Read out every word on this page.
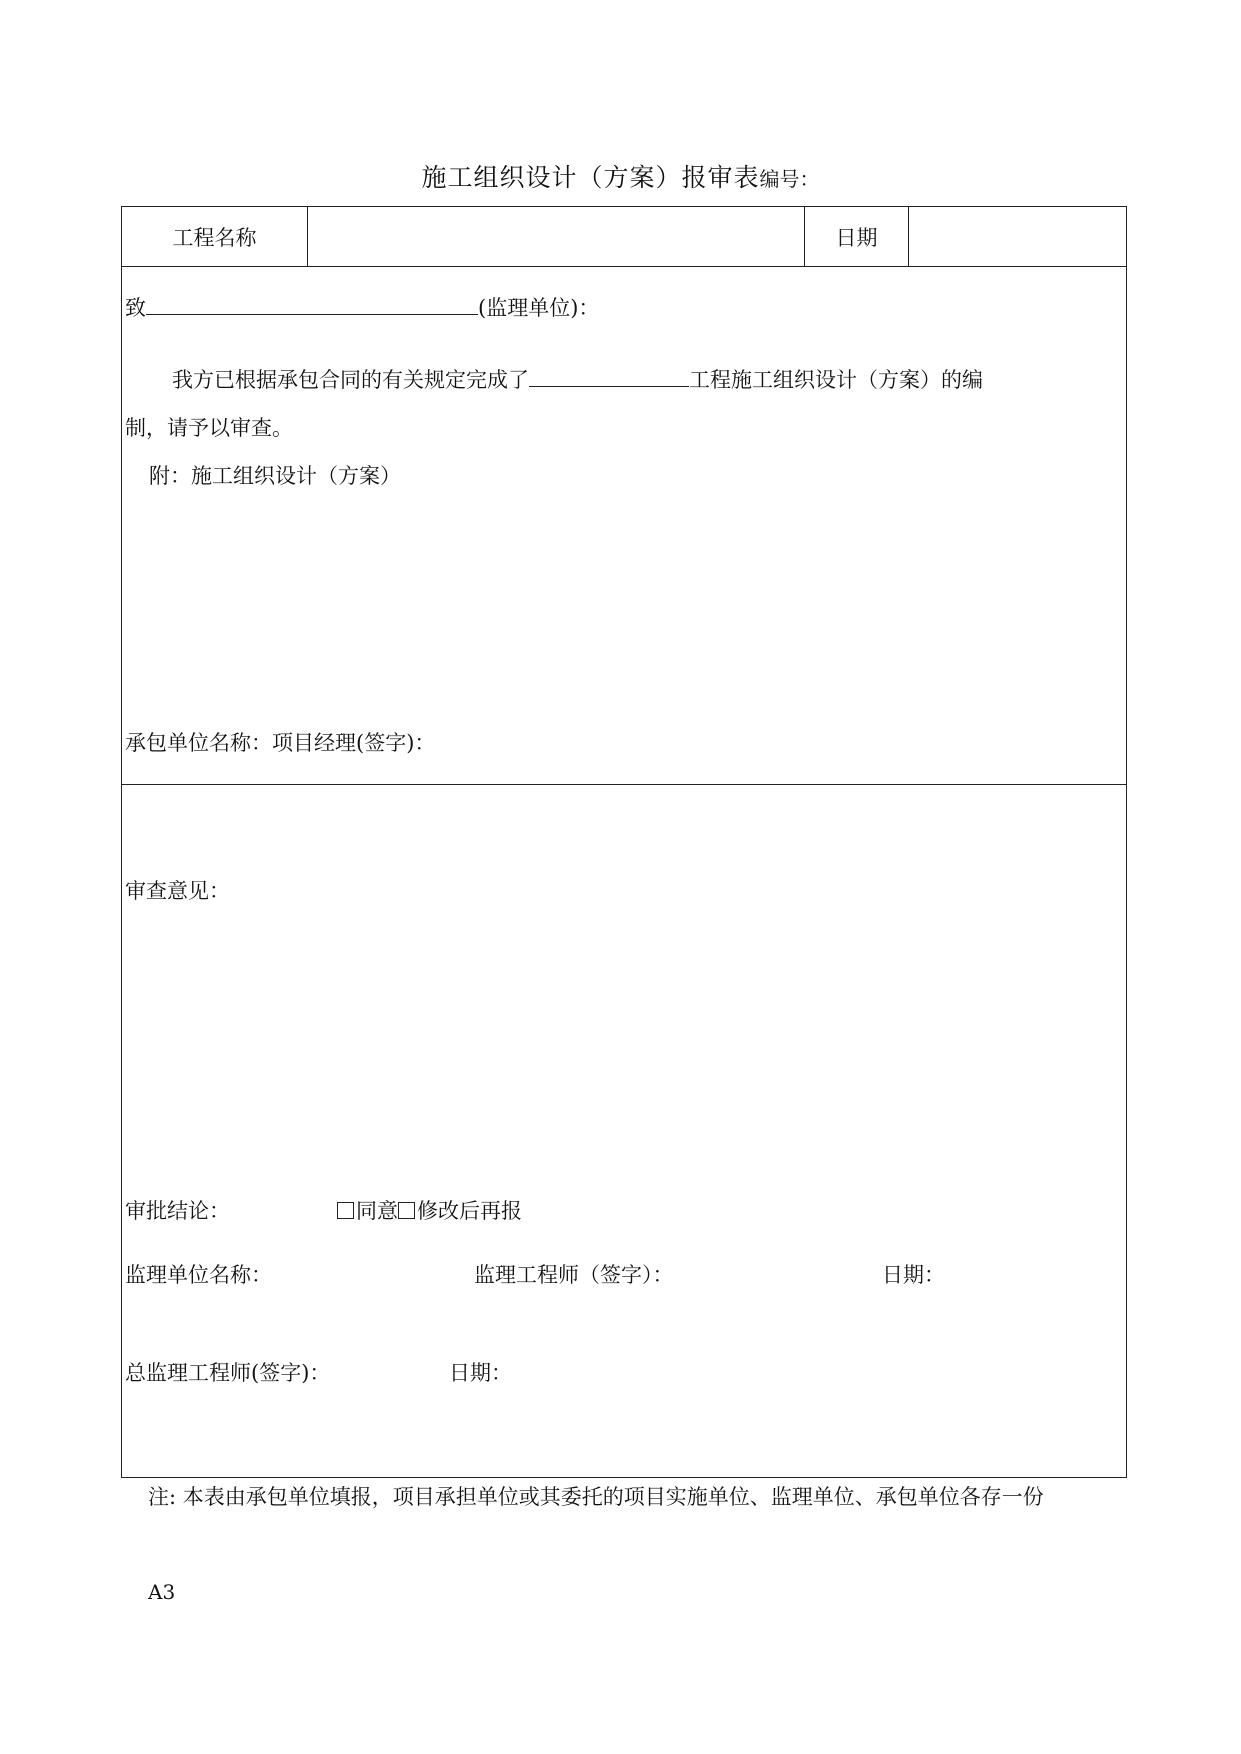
施工组织设计（方案）报审表编号：
工程名称	日期
致	(监理单位)：
我方已根据承包合同的有关规定完成了	工程施工组织设计（方案）的编
制，请予以审查。
附：施工组织设计（方案）
承包单位名称：项目经理(签字)：
审查意见：
审批结论：	同意 修改后再报
监理单位名称：	监理工程师（签字）：	日期：
总监理工程师(签字)：	日期：
注: 本表由承包单位填报，项目承担单位或其委托的项目实施单位、监理单位、承包单位各存一份
A3
